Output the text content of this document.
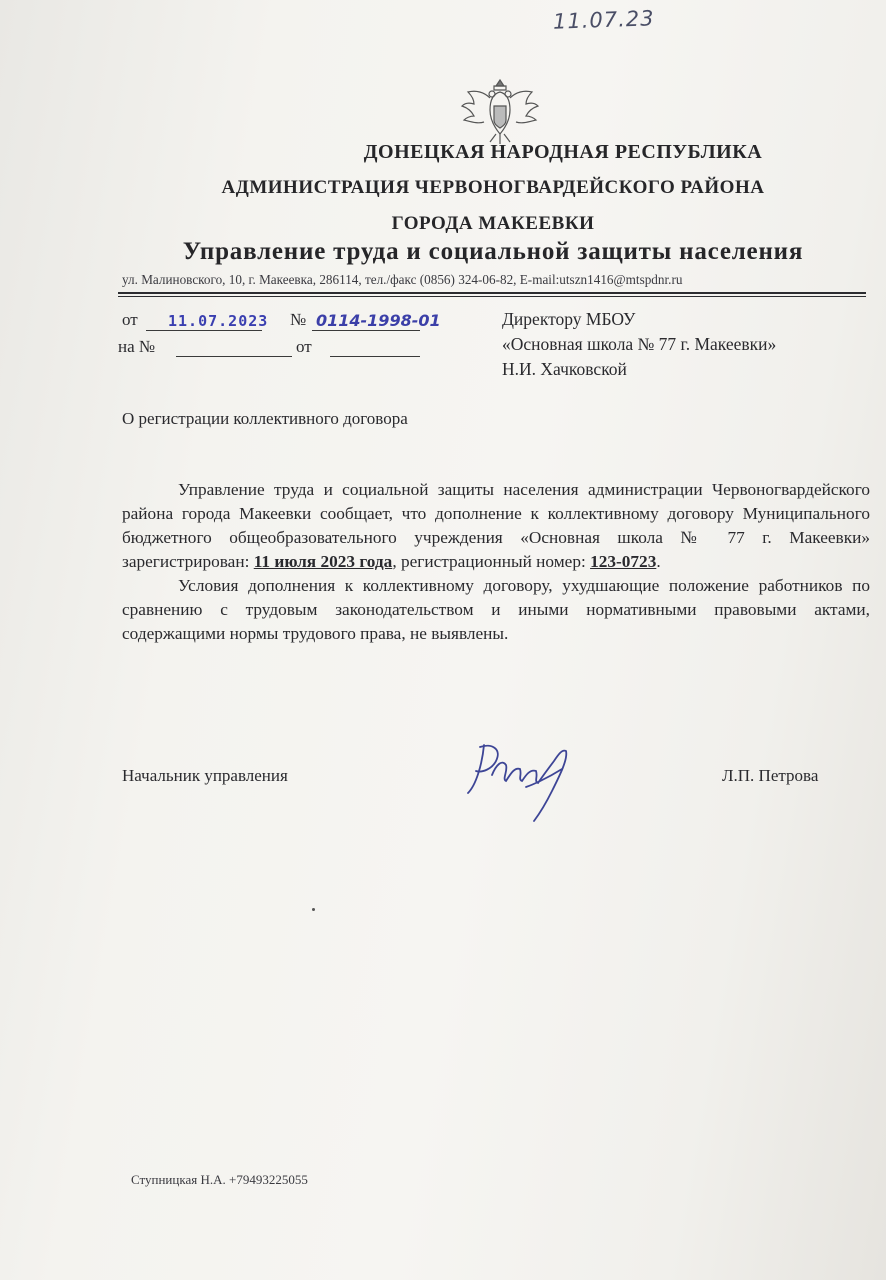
11.07.23
ДОНЕЦКАЯ НАРОДНАЯ РЕСПУБЛИКА
АДМИНИСТРАЦИЯ ЧЕРВОНОГВАРДЕЙСКОГО РАЙОНА
ГОРОДА МАКЕЕВКИ
Управление труда и социальной защиты населения
ул. Малиновского, 10, г. Макеевка, 286114, тел./факс (0856) 324-06-82, E-mail:utszn1416@mtspdnr.ru
от 11.07.2023 № 0114-1998-01
на №	от
Директору МБОУ
«Основная школа № 77 г. Макеевки»
Н.И. Хачковской
О регистрации коллективного договора

Управление труда и социальной защиты населения администрации Червоногвардейского района города Макеевки сообщает, что дополнение к коллективному договору Муниципального бюджетного общеобразовательного учреждения «Основная школа № 77 г. Макеевки» зарегистрирован: 11 июля 2023 года, регистрационный номер: 123-0723.

Условия дополнения к коллективному договору, ухудшающие положение работников по сравнению с трудовым законодательством и иными нормативными правовыми актами, содержащими нормы трудового права, не выявлены.

Начальник управления	Л.П. Петрова
Ступницкая Н.А. +79493225055
